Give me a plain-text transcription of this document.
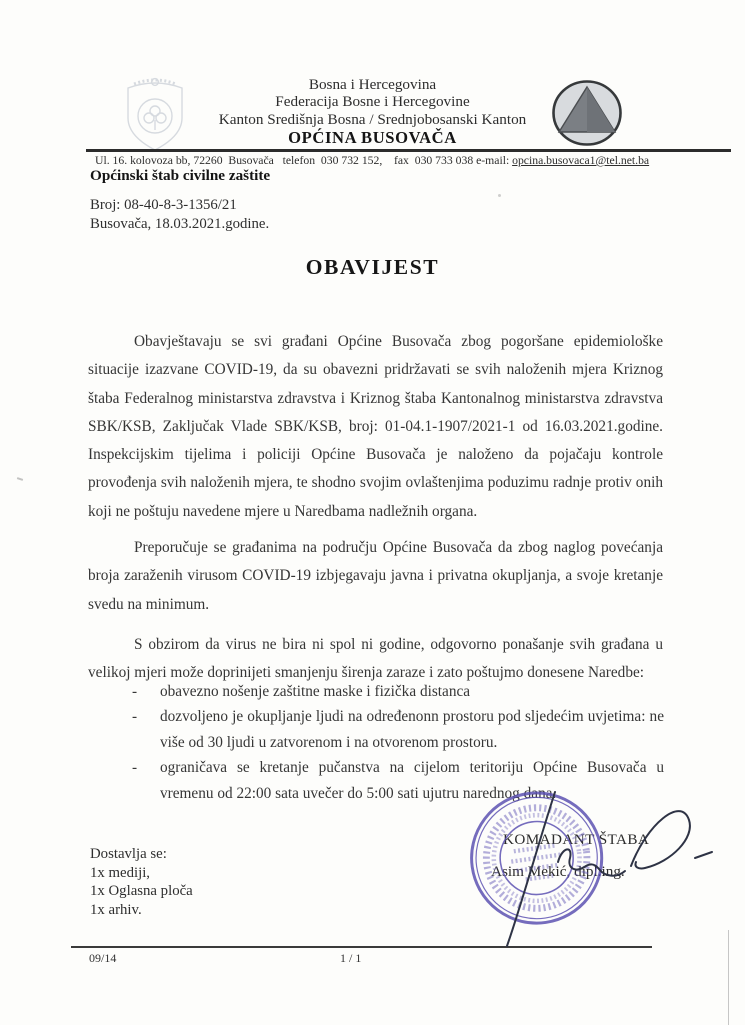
Bosna i Hercegovina
Federacija Bosne i Hercegovine
Kanton Središnja Bosna / Srednjobosanski Kanton
OPĆINA BUSOVAČA
Ul. 16. kolovoza bb, 72260  Busovača   telefon  030 732 152,    fax  030 733 038 e-mail: opcina.busovaca1@tel.net.ba
Općinski štab civilne zaštite
Broj: 08-40-8-3-1356/21
Busovača, 18.03.2021.godine.
OBAVIJEST

Obavještavaju se svi građani Općine Busovača zbog pogoršane epidemiološke situacije izazvane COVID-19, da su obavezni pridržavati se svih naloženih mjera Kriznog štaba Federalnog ministarstva zdravstva i Kriznog štaba Kantonalnog ministarstva zdravstva SBK/KSB, Zaključak Vlade SBK/KSB, broj: 01-04.1-1907/2021-1 od 16.03.2021.godine. Inspekcijskim tijelima i policiji Općine Busovača je naloženo da pojačaju kontrole provođenja svih naloženih mjera, te shodno svojim ovlaštenjima poduzimu radnje protiv onih koji ne poštuju navedene mjere u Naredbama nadležnih organa.

Preporučuje se građanima na području Općine Busovača da zbog naglog povećanja broja zaraženih virusom COVID-19 izbjegavaju javna i privatna okupljanja, a svoje kretanje svedu na minimum.

S obzirom da virus ne bira ni spol ni godine, odgovorno ponašanje svih građana u velikoj mjeri može doprinijeti smanjenju širenja zaraze i zato poštujmo donesene Naredbe:

- obavezno nošenje zaštitne maske i fizička distanca
- dozvoljeno je okupljanje ljudi na određenonn prostoru pod sljedećim uvjetima: ne više od 30 ljudi u zatvorenom i na otvorenom prostoru.
- ograničava se kretanje pučanstva na cijelom teritoriju Općine Busovača u vremenu od 22:00 sata uvečer do 5:00 sati ujutru narednog dana.
Dostavlja se:
1x mediji,
1x Oglasna ploča
1x arhiv.
KOMADANT ŠTABA
Asim Mekić, dipl.ing.
09/14	1 / 1
